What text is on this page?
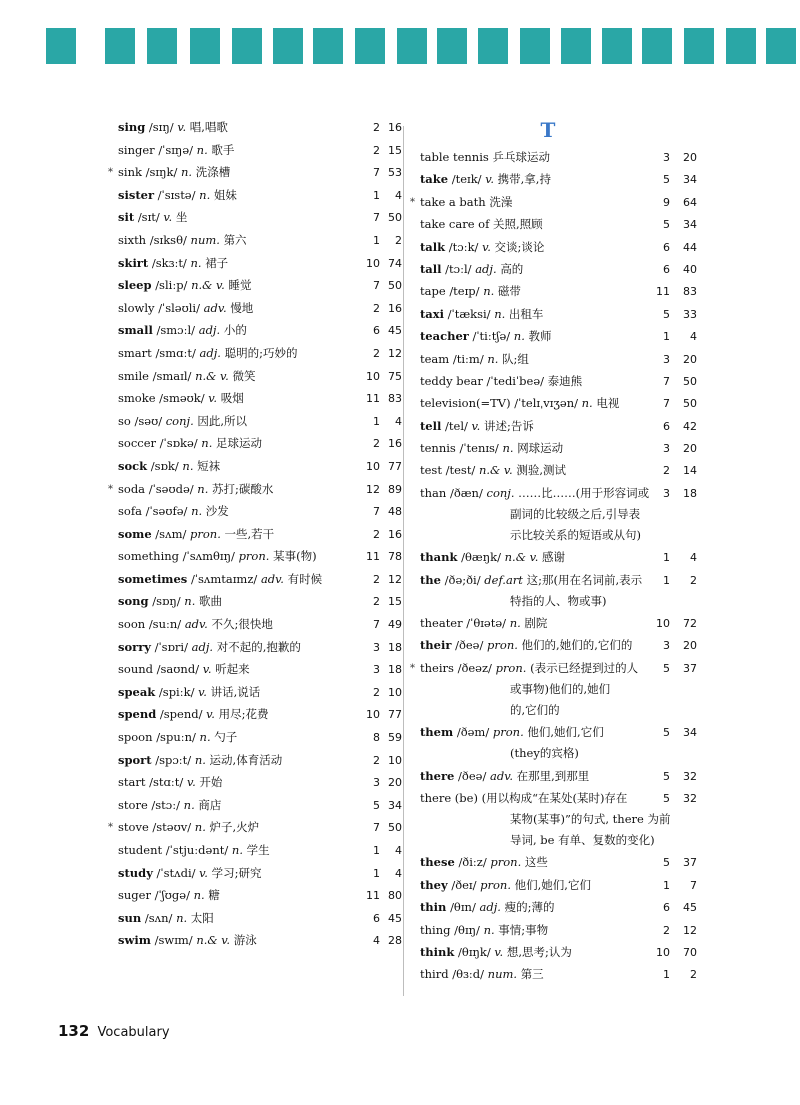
T
sing /sɪŋ/ v. 唱,唱歌	2 16
singer /ˈsɪŋə/ n. 歌手	2 15
* sink /sɪŋk/ n. 洗涤槽	7 53
sister /ˈsɪstə/ n. 姐妹	1	4
sit /sɪt/ v. 坐	7 50
sixth /sɪksθ/ num. 第六	1	2
skirt /skɜːt/ n. 裙子	10 74
sleep /sliːp/ n.& v. 睡觉	7 50
slowly /ˈsləʊli/ adv. 慢地	2 16
small /smɔːl/ adj. 小的	6 45
smart /smɑːt/ adj. 聪明的;巧妙的	2 12
smile /smaɪl/ n.& v. 微笑	10 75
smoke /sməʊk/ v. 吸烟	11 83
so /səʊ/ conj. 因此,所以	1	4
soccer /ˈsɒkə/ n. 足球运动	2 16
sock /sɒk/ n. 短袜	10 77
* soda /ˈsəʊdə/ n. 苏打;碳酸水	12 89
sofa /ˈsəʊfə/ n. 沙发	7 48
some /sʌm/ pron. 一些,若干	2 16
something /ˈsʌmθɪŋ/ pron. 某事(物)	11 78
sometimes /ˈsʌmtaɪmz/ adv. 有时候	2 12
song /sɒŋ/ n. 歌曲	2 15
soon /suːn/ adv. 不久;很快地	7 49
sorry /ˈsɒri/ adj. 对不起的,抱歉的	3 18
sound /saʊnd/ v. 听起来	3 18
speak /spiːk/ v. 讲话,说话	2 10
spend /spend/ v. 用尽;花费	10 77
spoon /spuːn/ n. 勺子	8 59
sport /spɔːt/ n. 运动,体育活动	2 10
start /stɑːt/ v. 开始	3 20
store /stɔː/ n. 商店	5 34
* stove /stəʊv/ n. 炉子,火炉	7 50
student /ˈstjuːdənt/ n. 学生	1	4
study /ˈstʌdi/ v. 学习;研究	1	4
suger /ˈʃʊgə/ n. 糖	11 80
sun /sʌn/ n. 太阳	6 45
swim /swɪm/ n.& v. 游泳	4 28
table tennis 乒乓球运动	3	20
take /teɪk/ v. 携带,拿,持	5	34
* take a bath 洗澡	9	64
take care of 关照,照顾	5	34
talk /tɔːk/ v. 交谈;谈论	6	44
tall /tɔːl/ adj. 高的	6	40
tape /teɪp/ n. 磁带	11	83
taxi /ˈtæksi/ n. 出租车	5	33
teacher /ˈtiːtʃə/ n. 教师	1	4
team /tiːm/ n. 队;组	3	20
teddy bear /ˈtediˈbeə/ 泰迪熊	7	50
television(=TV) /ˈtelɪˌvɪʒən/ n. 电视	7	50
tell /tel/ v. 讲述;告诉	6	42
tennis /ˈtenɪs/ n. 网球运动	3	20
test /test/ n.& v. 测验,测试	2	14
than /ðæn/ conj. ……比……(用于形容词或	3	18
副词的比较级之后,引导表
示比较关系的短语或从句)
thank /θæŋk/ n.& v. 感谢	1	4
the /ðə;ði/ def.art 这;那(用在名词前,表示	1	2
特指的人、物或事)
theater /ˈθɪətə/ n. 剧院	10	72
their /ðeə/ pron. 他们的,她们的,它们的	3	20
* theirs /ðeəz/ pron. (表示已经提到过的人	5	37
或事物)他们的,她们
的,它们的
them /ðəm/ pron. 他们,她们,它们	5	34
(they的宾格)
there /ðeə/ adv. 在那里,到那里	5	32
there (be) (用以构成“在某处(某时)存在	5	32
某物(某事)”的句式, there 为前
导词, be 有单、复数的变化)
these /ðiːz/ pron. 这些	5	37
they /ðeɪ/ pron. 他们,她们,它们	1	7
thin /θɪn/ adj. 瘦的;薄的	6	45
thing /θɪŋ/ n. 事情;事物	2	12
think /θɪŋk/ v. 想,思考;认为	10	70
third /θɜːd/ num. 第三	1	2
132 Vocabulary
